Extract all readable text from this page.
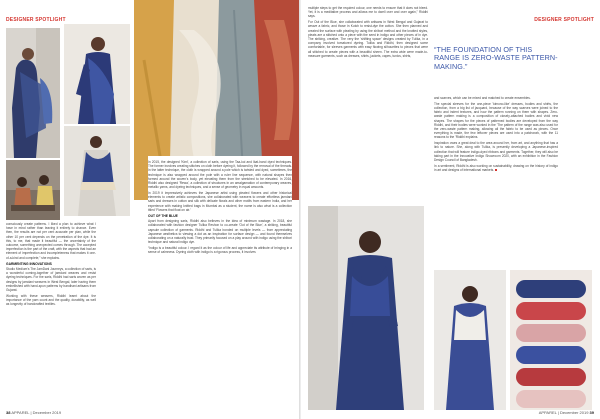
DESIGNER SPOTLIGHT

consciously create patterns. I liked a plan to achieve what I have in mind rather than leaving it entirely to chance. Even then, the results are not per cent accurate per plan, while the other 10 per cent depends on the penetration of the dye. It is this, to me, that made it beautiful — the uncertainty of the outcome, something unexpected comes through. The accepted imperfection is the part of the craft, with the aspects that had an element of imperfection and incompleteness that makes it one-of-a-kind and complete,” she explains.

GARMENTING INNOVATIONS

Studio Medium's The JamDani Journeys, a collection of saris, is a wonderful coming-together of jamdani weaves and resist dyeing techniques. For the saris, Riddhi had saris woven as per designs by jamdani weavers in West Bengal, later having them embellished with hand-spun patterns by bandhani artisans from Gujarat.

Working with these weavers, Riddhi learnt about the importance of the yarn count and the quality, durability, as well as longevity of handcrafted textiles.

In 2015, the designed 'Kimi', a collection of saris, using the Taa-koi and Ikat-hand dyed techniques. The former involves creating stitches on cloth before dyeing it, followed by the removal of the threads. In the latter technique, the cloth is wrapped around a pole which is twisted and dyed, sometimes, the technique is also wrapped around the pole with a ruler line sequence, with natural shapes then formed around the woven's body, yet elevating them from the stretched to be elevated. In 2016, Riddhi also designed 'Rewa', a collection of structures in an amalgamation of contemporary weaves, metallic yarns, and dyeing techniques, and a sense of geometry in equal amounts.

In 2019 it impressively achieves the Japanese artist using pleated flowers and other historical elements to create artistic compositions, she collaborated with weavers to create effortless jamdani saris and dresses in cotton and silk with delicate florals and other motifs from eastern India, and her experience with making knitted bags in Mumbai as a student, the name is also what is a collection titled 'Flowers that float on air.'

OUT OF THE BLUE

Apart from designing saris, Riddhi also believes in the idea of minimum wastage. In 2018, she collaborated with fashion designer Tulika Reshon to co-create 'Out of the Blue', a striking, beautiful capsule collection of garments. Riddhi and Tulika bonded on multiple levels — from appreciating Japanese aesthetics to viewing a dot as an inspiration for surface design — and found themselves collaborating on a naturally trust. They primarily focused on a play around with indigo using the shibori technique and natural indigo dye.

“Indigo is a beautiful colour. I regard it as the colour of life and appreciate its attribute of bringing in a sense of calmness. Dyeing cloth with indigo is a rigorous process, it involves

38 APPAREL | December 2019
DESIGNER SPOTLIGHT

multiple steps to get the required colour, one needs to ensure that it does not bleed. Yet, it is a meditative process and allows me to dwell over and over again,” Riddhi says.

For Out of the Blue, she collaborated with artisans in West Bengal and Gujarat to weave a fabric, and those in Kutch to resist-dye the cotton. She then planned and created the surface with pleating by using the shibori method and the knotted styles, pleats are a stitched onto a piece with the seed in indigo and other pieces of in dye. The striking, creative. The very the 'shifting space' designs created by Tulika, in a company involved tomatured dyeing. Tulika and Riddhi, then designed some comfortable, for sleeves garments with easy flowing silhouettes to pieces that were all stitched to create pieces with a beautiful sheen. The extra wide were made-to-measure garments, such as dresses, shirts, jackets, capes, tunics, shirts,

“THE FOUNDATION OF THIS RANGE IS ZERO-WASTE PATTERN-MAKING.”

and scarves, which can be mixed and matched to create ensembles.

The special sleeves for the one-piece 'kimono-like' dresses, bodies and shirts, the collection, from a big list of jacquard, because of the way scarves were joined to the fabric and indent textures, and how the pattern running on them with shapes. Zero-waste pattern making is a composition of closely-attached bodies and vivid new shapes. The shapes for the pieces of patterned bodies are developed from the way Riddhi, and their bodies were worked in the 'The pattern of the range was also used for the zero-waste pattern making, allowing all the fabric to be used as pieces. Once everything is made, the few leftover pieces are used into a patchwork, with the 11 reasons to the 'Riddhi explains.

Inspiration owes a great deal to the area around her, from art, and anything that has a link to nature. She, along with Tulika, is presently developing a Japanese-inspired collection that will feature indigo-dyed ribbons and garments. Together, they will also be taking part in the Innovative Indigo Showroom 2020, with an exhibition in the Fashion Design Council of Bangladesh.

In a sentiment, Riddhi is also working on sustainability, drawing on the history of indigo in art and designs of international markets.

APPAREL | December 2019 39
